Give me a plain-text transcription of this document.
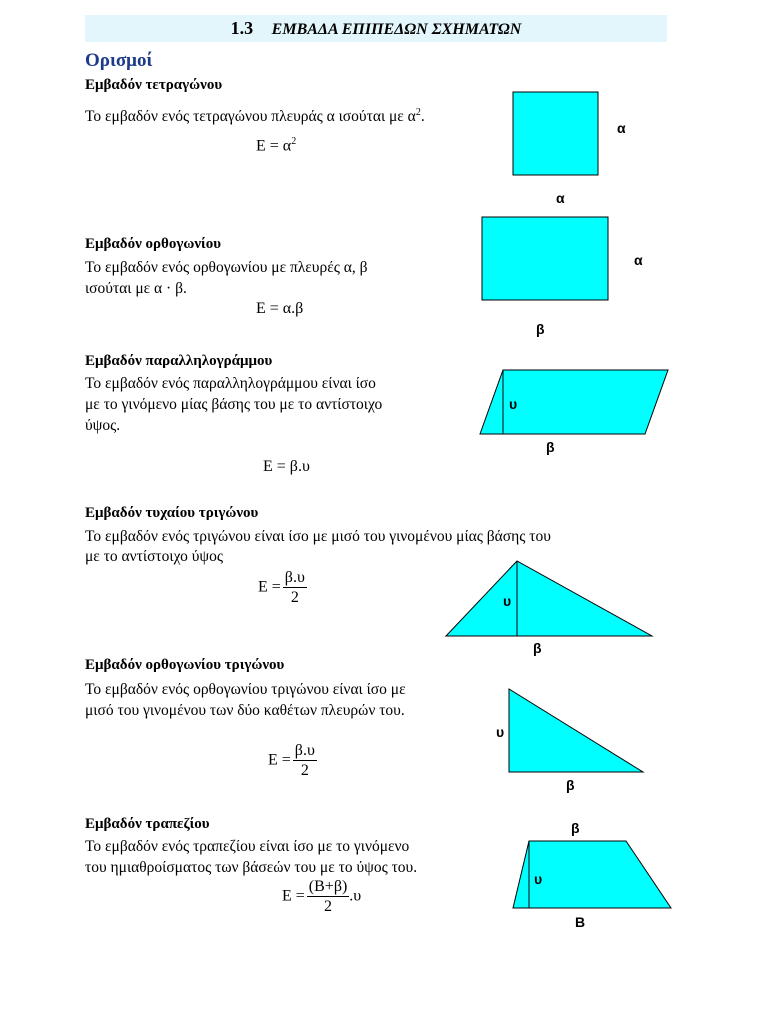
1.3 ΕΜΒΑΔΑ ΕΠΙΠΕΔΩΝ ΣΧΗΜΑΤΩΝ
Ορισμοί
Εμβαδόν τετραγώνου
Το εμβαδόν ενός τετραγώνου πλευράς α ισούται με $\alpha^2$.
$E = \alpha^2$
Εμβαδόν ορθογωνίου
Το εμβαδόν ενός ορθογωνίου με πλευρές α, β
ισούται με α · β.
Ε = α.β
Εμβαδόν παραλληλογράμμου
Το εμβαδόν ενός παραλληλογράμμου είναι ίσο
με το γινόμενο μίας βάσης του με το αντίστοιχο
ύψος.
Ε = β.υ
Εμβαδόν τυχαίου τριγώνου
Το εμβαδόν ενός τριγώνου είναι ίσο με μισό του γινομένου μίας βάσης του
με το αντίστοιχο ύψος
$E = \frac{\beta.\upsilon}{2}$
Εμβαδόν ορθογωνίου τριγώνου
Το εμβαδόν ενός ορθογωνίου τριγώνου είναι ίσο με
μισό του γινομένου των δύο καθέτων πλευρών του.
$E = \frac{\beta.\upsilon}{2}$
Εμβαδόν τραπεζίου
Το εμβαδόν ενός τραπεζίου είναι ίσο με το γινόμενο
του ημιαθροίσματος των βάσεών του με το ύψος του.
$E = \frac{(B+\beta)}{2} .\upsilon$
α
α
α
β
υ
β
υ
β
υ
β
β
υ
Β
